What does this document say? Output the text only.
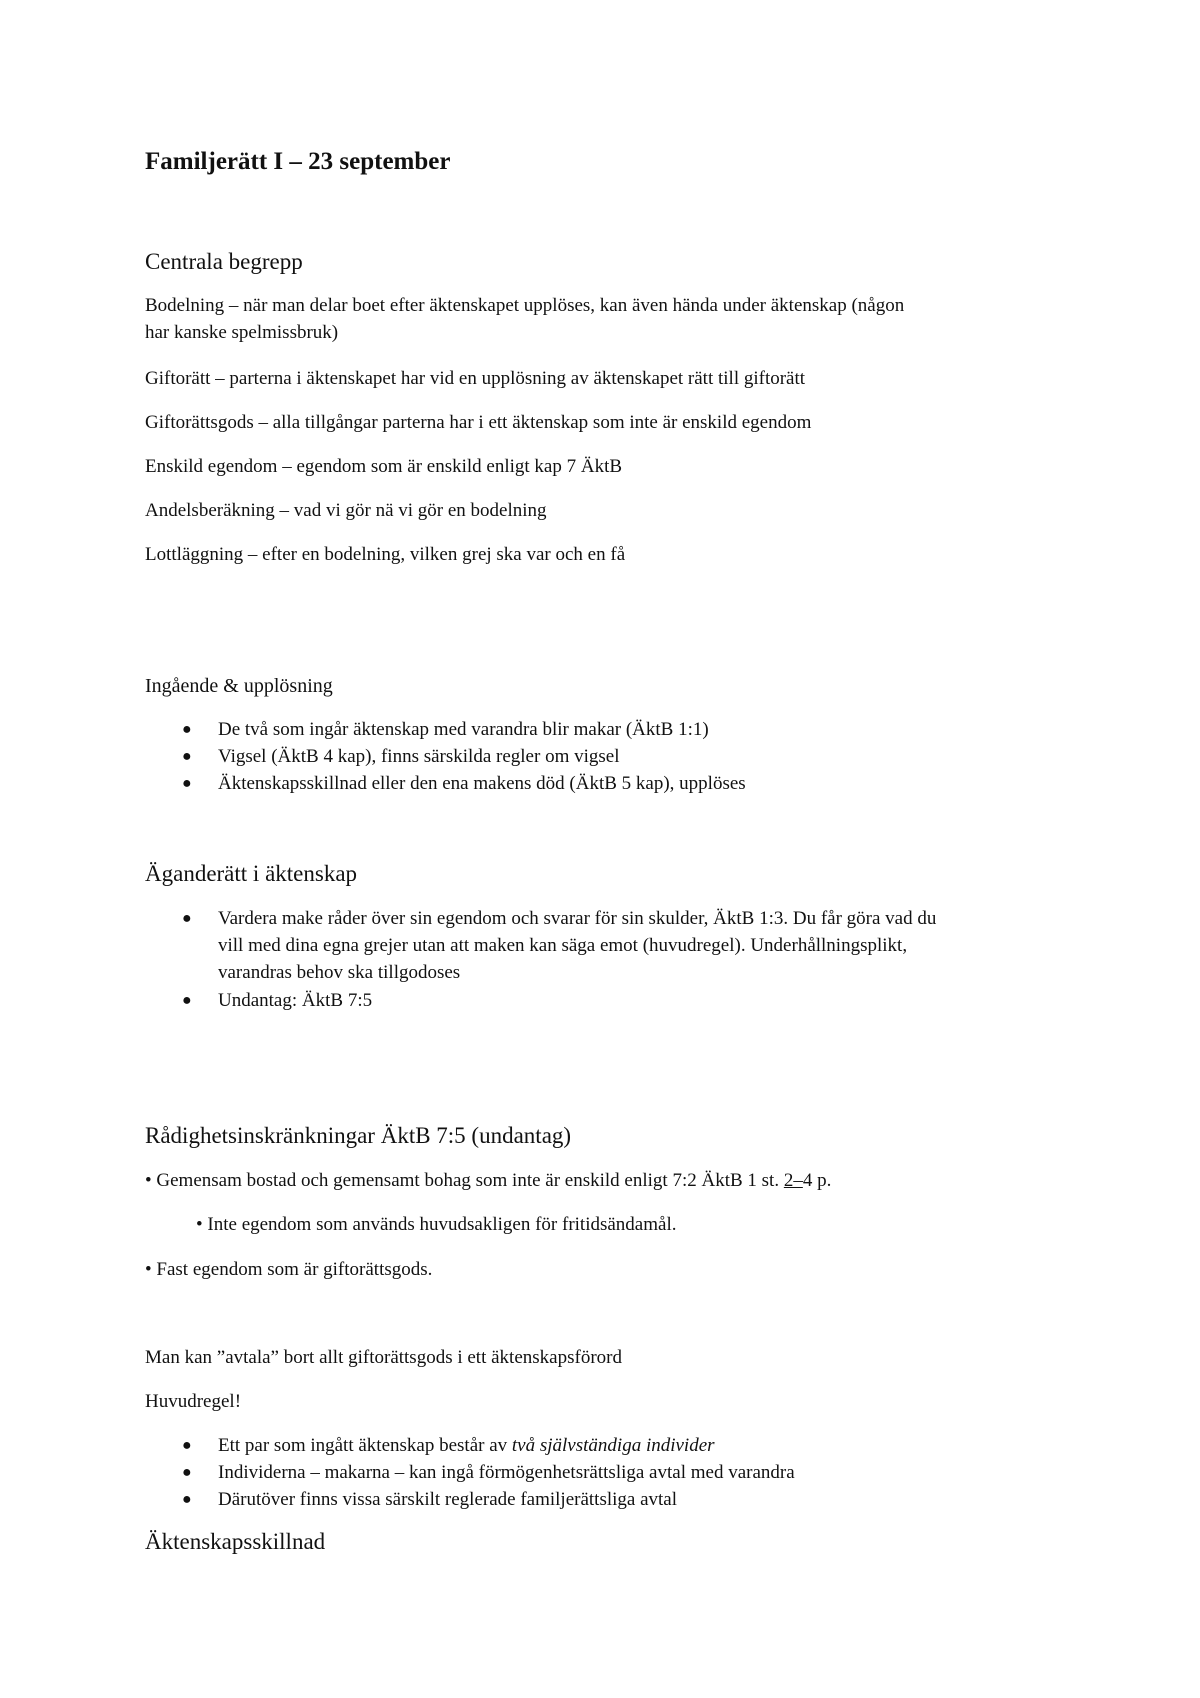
Familjerätt I – 23 september
Centrala begrepp
Bodelning – när man delar boet efter äktenskapet upplöses, kan även hända under äktenskap (någon
har kanske spelmissbruk)
Giftorätt – parterna i äktenskapet har vid en upplösning av äktenskapet rätt till giftorätt
Giftorättsgods – alla tillgångar parterna har i ett äktenskap som inte är enskild egendom
Enskild egendom – egendom som är enskild enligt kap 7 ÄktB
Andelsberäkning – vad vi gör nä vi gör en bodelning
Lottläggning – efter en bodelning, vilken grej ska var och en få
Ingående & upplösning
● De två som ingår äktenskap med varandra blir makar (ÄktB 1:1)
● Vigsel (ÄktB 4 kap), finns särskilda regler om vigsel
● Äktenskapsskillnad eller den ena makens död (ÄktB 5 kap), upplöses
Äganderätt i äktenskap
● Vardera make råder över sin egendom och svarar för sin skulder, ÄktB 1:3. Du får göra vad du
vill med dina egna grejer utan att maken kan säga emot (huvudregel). Underhållningsplikt,
varandras behov ska tillgodoses
● Undantag: ÄktB 7:5
Rådighetsinskränkningar ÄktB 7:5 (undantag)
• Gemensam bostad och gemensamt bohag som inte är enskild enligt 7:2 ÄktB 1 st. 2–4 p.
• Inte egendom som används huvudsakligen för fritidsändamål.
• Fast egendom som är giftorättsgods.
Man kan ”avtala” bort allt giftorättsgods i ett äktenskapsförord
Huvudregel!
● Ett par som ingått äktenskap består av två självständiga individer
● Individerna – makarna – kan ingå förmögenhetsrättsliga avtal med varandra
● Därutöver finns vissa särskilt reglerade familjerättsliga avtal
Äktenskapsskillnad
